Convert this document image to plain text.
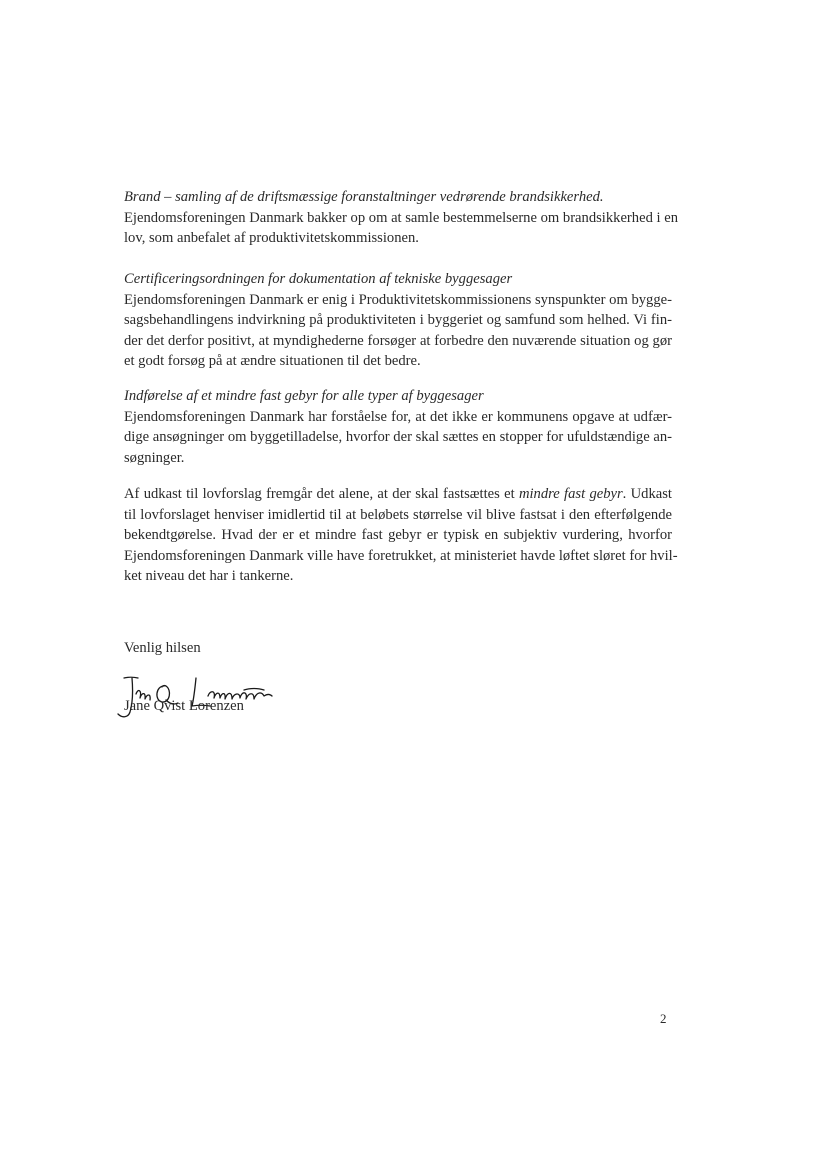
Brand – samling af de driftsmæssige foranstaltninger vedrørende brandsikkerhed.
Ejendomsforeningen Danmark bakker op om at samle bestemmelserne om brandsikkerhed i en
lov, som anbefalet af produktivitetskommissionen.
Certificeringsordningen for dokumentation af tekniske byggesager
Ejendomsforeningen Danmark er enig i Produktivitetskommissionens synspunkter om bygge-
sagsbehandlingens indvirkning på produktiviteten i byggeriet og samfund som helhed. Vi fin-
der det derfor positivt, at myndighederne forsøger at forbedre den nuværende situation og gør
et godt forsøg på at ændre situationen til det bedre.
Indførelse af et mindre fast gebyr for alle typer af byggesager
Ejendomsforeningen Danmark har forståelse for, at det ikke er kommunens opgave at udfær-
dige ansøgninger om byggetilladelse, hvorfor der skal sættes en stopper for ufuldstændige an-
søgninger.
Af udkast til lovforslag fremgår det alene, at der skal fastsættes et mindre fast gebyr. Udkast
til lovforslaget henviser imidlertid til at beløbets størrelse vil blive fastsat i den efterfølgende
bekendtgørelse. Hvad der er et mindre fast gebyr er typisk en subjektiv vurdering, hvorfor
Ejendomsforeningen Danmark ville have foretrukket, at ministeriet havde løftet sløret for hvil-
ket niveau det har i tankerne.
Venlig hilsen
Jane Qvist Lorenzen
2
